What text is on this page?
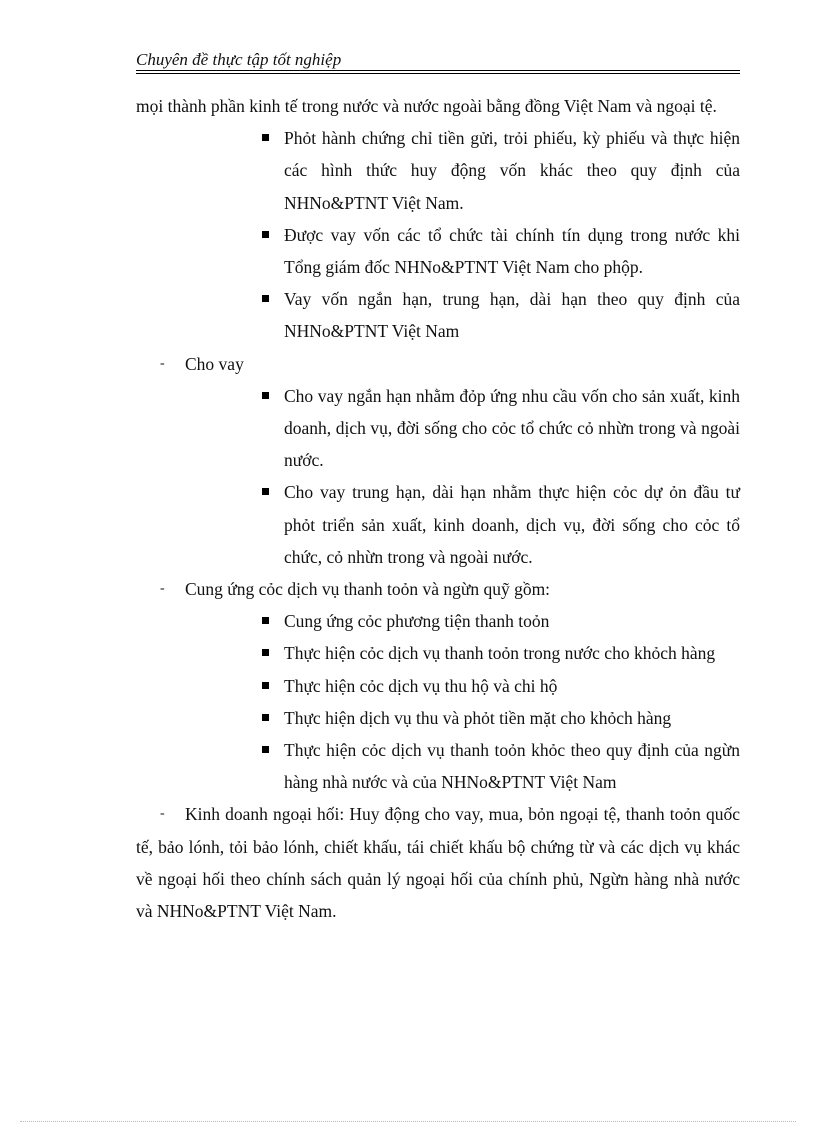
Chuyên đề thực tập tốt nghiệp

mọi thành phần kinh tế trong nước và nước ngoài bằng đồng Việt Nam và ngoại tệ.

Phỏt hành chứng chỉ tiền gửi, trỏi phiếu, kỳ phiếu và thực hiện các hình thức huy động vốn khác theo quy định của NHNo&PTNT Việt Nam.

Được vay vốn các tổ chức tài chính tín dụng trong nước khi Tổng giám đốc NHNo&PTNT Việt Nam cho phộp.

Vay vốn ngắn hạn, trung hạn, dài hạn theo quy định của NHNo&PTNT Việt Nam

- Cho vay

Cho vay ngắn hạn nhằm đỏp ứng nhu cầu vốn cho sản xuất, kinh doanh, dịch vụ, đời sống cho cỏc tổ chức cỏ nhừn trong và ngoài nước.

Cho vay trung hạn, dài hạn nhằm thực hiện cỏc dự ỏn đầu tư phỏt triển sản xuất, kinh doanh, dịch vụ, đời sống cho cỏc tổ chức, cỏ nhừn trong và ngoài nước.

- Cung ứng cỏc dịch vụ thanh toỏn và ngừn quỹ gồm:

Cung ứng cỏc phương tiện thanh toỏn

Thực hiện cỏc dịch vụ thanh toỏn trong nước cho khỏch hàng

Thực hiện cỏc dịch vụ thu hộ và chi hộ

Thực hiện dịch vụ thu và phỏt tiền mặt cho khỏch hàng

Thực hiện cỏc dịch vụ thanh toỏn khỏc theo quy định của ngừn hàng nhà nước và của NHNo&PTNT Việt Nam

- Kinh doanh ngoại hối: Huy động cho vay, mua, bỏn ngoại tệ, thanh toỏn quốc tế, bảo lónh, tỏi bảo lónh, chiết khấu, tái chiết khấu bộ chứng từ và các dịch vụ khác về ngoại hối theo chính sách quản lý ngoại hối của chính phủ, Ngừn hàng nhà nước và NHNo&PTNT Việt Nam.
